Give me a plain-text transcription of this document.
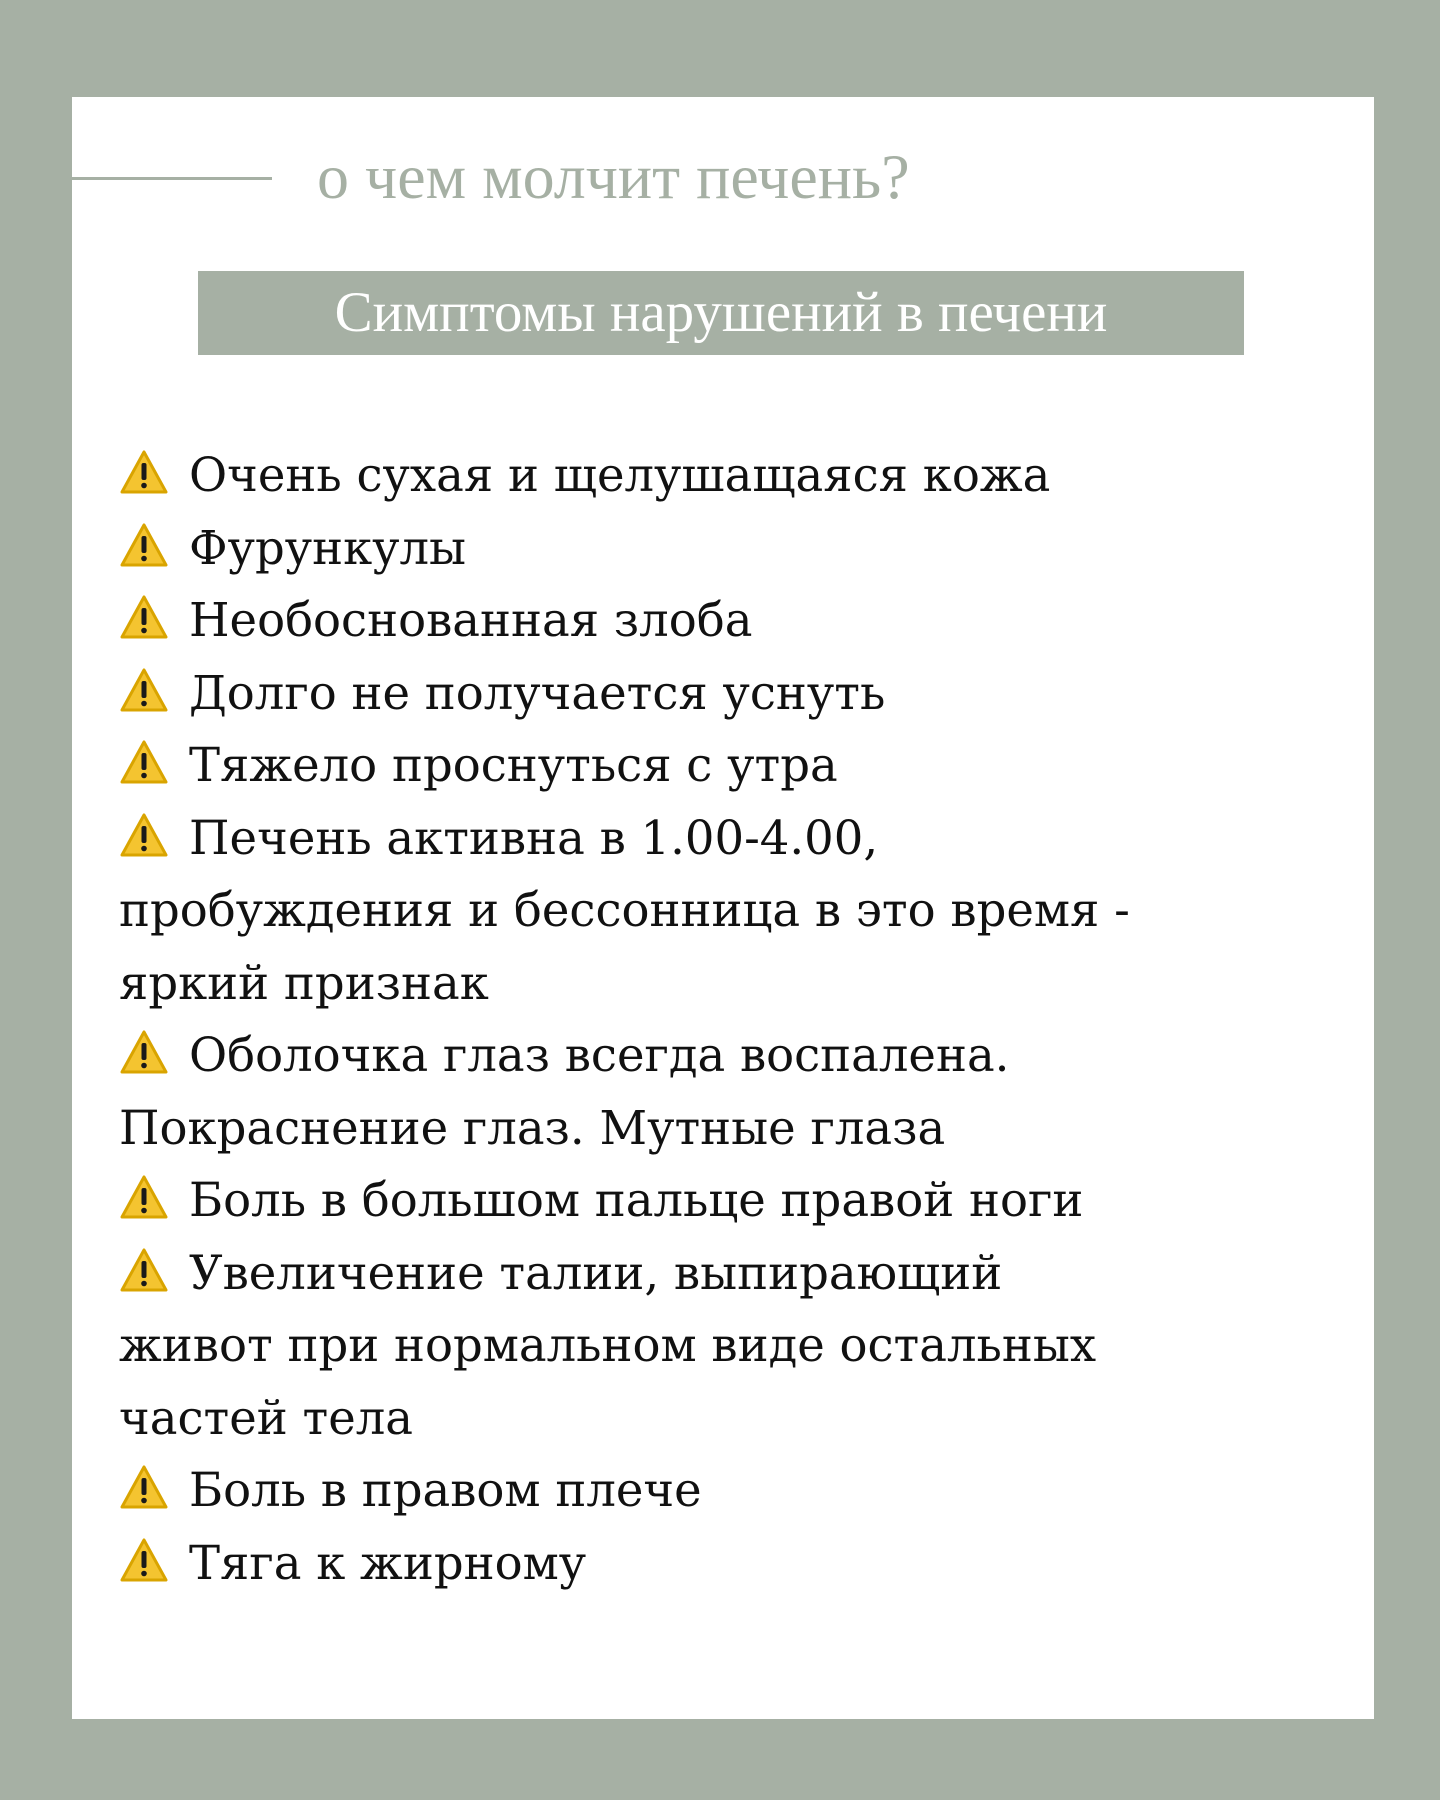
о чем молчит печень?
Симптомы нарушений в печени
Очень сухая и щелушащаяся кожа
Фурункулы
Необоснованная злоба
Долго не получается уснуть
Тяжело проснуться с утра
Печень активна в 1.00-4.00,
пробуждения и бессонница в это время -
яркий признак
Оболочка глаз всегда воспалена.
Покраснение глаз. Мутные глаза
Боль в большом пальце правой ноги
Увеличение талии, выпирающий
живот при нормальном виде остальных
частей тела
Боль в правом плече
Тяга к жирному
